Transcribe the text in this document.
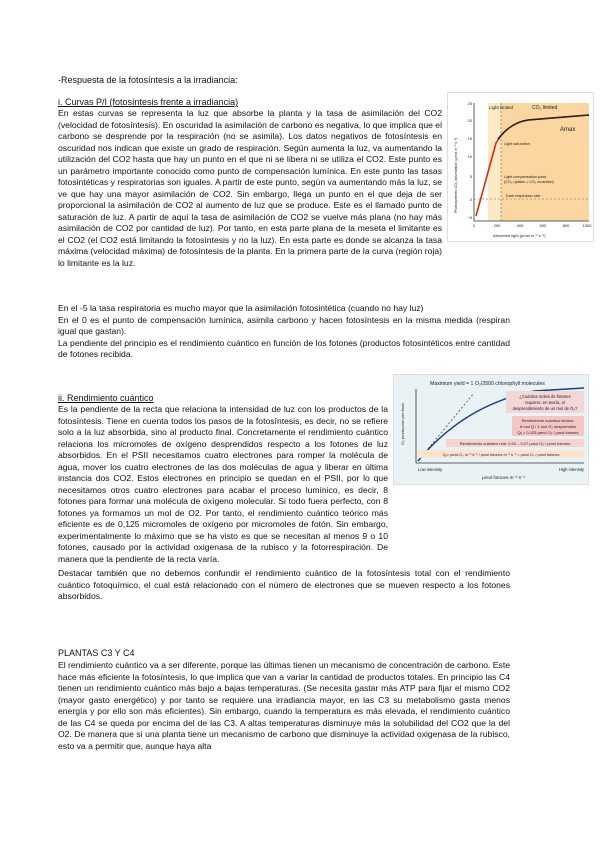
-Respuesta de la fotosíntesis a la irradiancia:
i. Curvas P/I (fotosíntesis frente a irradiancia)

En estas curvas se representa la luz que absorbe la planta y la tasa de asimilación del CO2 (velocidad de fotosíntesis). En oscuridad la asimilación de carbono es negativa, lo que implica que el carbono se desprende por la respiración (no se asimila). Los datos negativos de fotosíntesis en oscuridad nos indican que existe un grado de respiración. Según aumenta la luz, va aumentando la utilización del CO2 hasta que hay un punto en el que ni se libera ni se utiliza el CO2. Este punto es un parámetro importante conocido como punto de compensación lumínica. En este punto las tasas fotosintéticas y respiratorias son iguales. A partir de este punto, según va aumentando más la luz, se ve que hay una mayor asimilación de CO2. Sin embargo, llega un punto en el que deja de ser proporcional la asimilación de CO2 al aumento de luz que se produce. Este es el llamado punto de saturación de luz. A partir de aquí la tasa de asimilación de CO2 se vuelve más plana (no hay más asimilación de CO2 por cantidad de luz). Por tanto, en esta parte plana de la meseta el limitante es el CO2 (el CO2 está limitando la fotosíntesis y no la luz). En esta parte es donde se alcanza la tasa máxima (velocidad máxima) de fotosíntesis de la planta. En la primera parte de la curva (región roja) lo limitante es la luz.

En el -5 la tasa respiratoria es mucho mayor que la asimilación fotosintética (cuando no hay luz)

En el 0 es el punto de compensación lumínica, asimila carbono y hacen fotosíntesis en la misma medida (respiran igual que gastan).

La pendiente del principio es el rendimiento cuántico en función de los fotones (productos fotosintéticos entre cantidad de fotones recibida.

Light limited	CO₂ limited
Amax
Light saturation
Light compensation point
(CO₂ uptake = CO₂ evolution)
Dark respiration rate
Photosynthetic CO₂ assimilation (μmol m⁻² s⁻¹)
Absorbed light (μmol m⁻² s⁻¹)
25
20
15
10
5
0
−5
0	200	400	600	800	1000
ii. Rendimiento cuántico

Es la pendiente de la recta que relaciona la intensidad de luz con los productos de la fotosíntesis. Tiene en cuenta todos los pasos de la fotosíntesis, es decir, no se refiere solo a la luz absorbida, sino al producto final. Concretamente el rendimiento cuántico relaciona los micromoles de oxígeno desprendidos respecto a los fotones de luz absorbidos. En el PSII necesitamos cuatro electrones para romper la molécula de agua, mover los cuatro electrones de las dos moléculas de agua y liberar en última instancia dos CO2. Estos electrones en principio se quedan en el PSII, por lo que necesitamos otros cuatro electrones para acabar el proceso lumínico, es decir, 8 fotones para formar una molécula de oxígeno molecular. Si todo fuera perfecto, con 8 fotones ya formamos un mol de O2. Por tanto, el rendimiento cuántico teórico más eficiente es de 0,125 micromoles de oxígeno por micromoles de fotón. Sin embargo, experimentalmente lo máximo que se ha visto es que se necesitan al menos 9 o 10 fotones, causado por la actividad oxigenasa de la rubisco y la fotorrespiración. De manera que la pendiente de la recta varía.

Destacar también que no debemos confundir el rendimiento cuántico de la fotosíntesis total con el rendimiento cuántico fotoquímico, el cual está relacionado con el número de electrones que se mueven respecto a los fotones absorbidos.

Maximum yield = 1 O₂/2500 chlorophyll molecules
¿Cuántos moles de fotones
requiero, en teoría, el
desprendimiento de un mol de O₂?
Rendimiento cuántico teórico:
8 mol Q / 1 mol O₂ desprendido
Qᵧ = 0,125 μmol O₂ / μmol fotones
Rendimiento cuántico real: 0,04 – 0,07 μmol O₂ / μmol fotones
Qᵧ= μmol O₂ m⁻² s⁻¹ / μmol fotones m⁻² s⁻¹ = μmol O₂ / μmol fotones
O₂ producción per flash
Low intensity	High intensity
μmol fotones m⁻² s⁻¹
PLANTAS C3 Y C4

El rendimiento cuántico va a ser diferente, porque las últimas tienen un mecanismo de concentración de carbono. Este hace más eficiente la fotosíntesis, lo que implica que van a variar la cantidad de productos totales. En principio las C4 tienen un rendimiento cuántico más bajo a bajas temperaturas. (Se necesita gastar más ATP para fijar el mismo CO2 (mayor gasto energético) y por tanto se requiere una irradiancia mayor, en las C3 su metabolismo gasta menos energía y por ello son más eficientes). Sin embargo, cuando la temperatura es más elevada, el rendimiento cuántico de las C4 se queda por encima del de las C3. A altas temperaturas disminuye más la solubilidad del CO2 que la del O2. De manera que si una planta tiene un mecanismo de carbono que disminuye la actividad oxigenasa de la rubisco, esto va a permitir que, aunque haya alta
